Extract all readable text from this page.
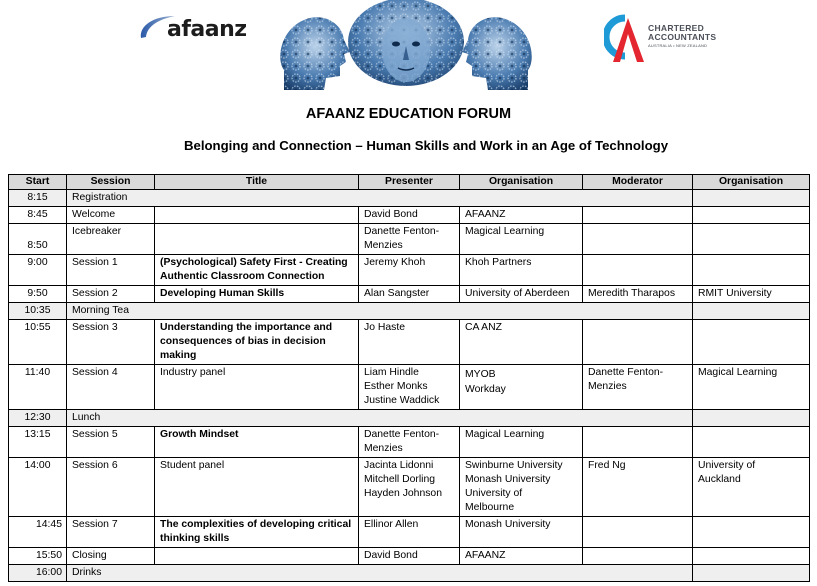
afaanz	CHARTERED
ACCOUNTANTS
AUSTRALIA • NEW ZEALAND
AFAANZ EDUCATION FORUM
Belonging and Connection – Human Skills and Work in an Age of Technology
Start	Session	Title	Presenter	Organisation	Moderator	Organisation
8:15	Registration					
8:45	Welcome		David Bond	AFAANZ		
8:50	Icebreaker		Danette Fenton-
Menzies	Magical Learning		
9:00	Session 1	(Psychological) Safety First - Creating Authentic Classroom Connection	Jeremy Khoh	Khoh Partners		
9:50	Session 2	Developing Human Skills	Alan Sangster	University of Aberdeen	Meredith Tharapos	RMIT University
10:35	Morning Tea					
10:55	Session 3	Understanding the importance and consequences of bias in decision making	Jo Haste	CA ANZ		
11:40	Session 4	Industry panel	Liam Hindle
Esther Monks
Justine Waddick	MYOB
Workday	Danette Fenton-
Menzies	Magical Learning
12:30	Lunch					
13:15	Session 5	Growth Mindset	Danette Fenton-
Menzies	Magical Learning		
14:00	Session 6	Student panel	Jacinta Lidonni
Mitchell Dorling
Hayden Johnson	Swinburne University
Monash University
University of
Melbourne	Fred Ng	University of
Auckland

14:45	Session 7	The complexities of developing critical thinking skills	Ellinor Allen	Monash University		
15:50	Closing		David Bond	AFAANZ		
16:00	Drinks					
